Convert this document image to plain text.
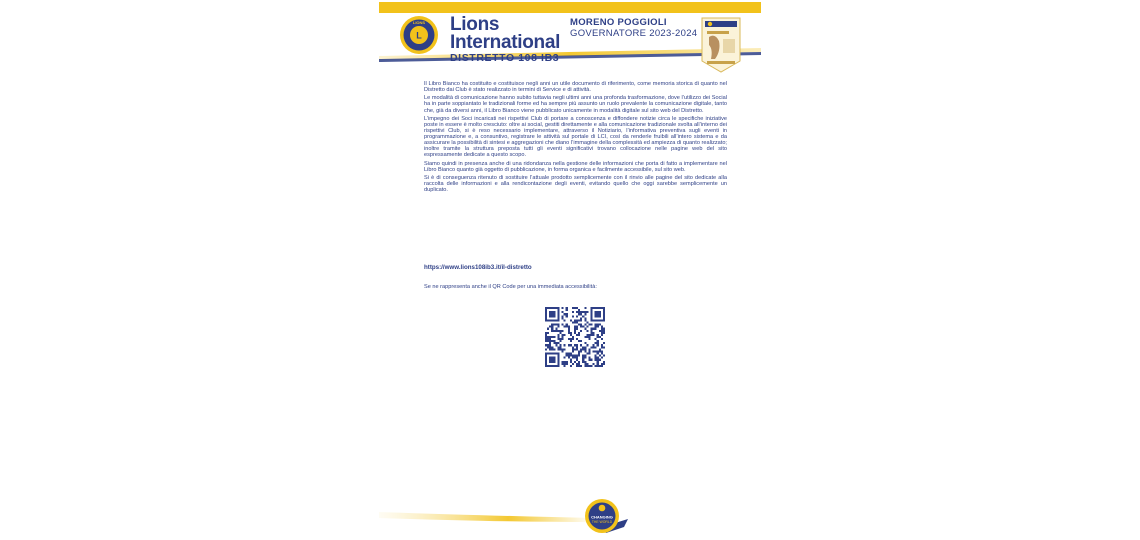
L
LIONS Lions
International
DISTRETTO 108 IB3
MORENO POGGIOLI
GOVERNATORE 2023-2024

Il Libro Bianco ha costituito e costituisce negli anni un utile documento di riferimento, come memoria storica di quanto nel Distretto dai Club è stato realizzato in termini di Service e di attività.

Le modalità di comunicazione hanno subito tuttavia negli ultimi anni una profonda trasformazione, dove l’utilizzo dei Social ha in parte soppiantato le tradizionali forme ed ha sempre più assunto un ruolo prevalente la comunicazione digitale, tanto che, già da diversi anni, il Libro Bianco viene pubblicato unicamente in modalità digitale sul sito web del Distretto.

L’impegno dei Soci incaricati nei rispettivi Club di portare a conoscenza e diffondere notizie circa le specifiche iniziative poste in essere è molto cresciuto: oltre ai social, gestiti direttamente e alla comunicazione tradizionale svolta all’interno dei rispettivi Club, si è reso necessario implementare, attraverso il Notiziario, l’informativa preventiva sugli eventi in programmazione e, a consuntivo, registrare le attività sul portale di LCI, così da renderle fruibili all’intero sistema e da assicurare la possibilità di sintesi e aggregazioni che diano l’immagine della complessità ed ampiezza di quanto realizzato; inoltre tramite la struttura preposta tutti gli eventi significativi trovano collocazione nelle pagine web del sito espressamente dedicate a questo scopo.

Siamo quindi in presenza anche di una ridondanza nella gestione delle informazioni che porta di fatto a implementare nel Libro Bianco quanto già oggetto di pubblicazione, in forma organica e facilmente accessibile, sul sito web.

Si è di conseguenza ritenuto di sostituire l’attuale prodotto semplicemente con il rinvio alle pagine del sito dedicate alla raccolta delle informazioni e alla rendicontazione degli eventi, evitando quello che oggi sarebbe semplicemente un duplicato.

https://www.lions108ib3.it/il-distretto
Se ne rappresenta anche il QR Code per una immediata accessibilità:
CHANGING
THE WORLD
